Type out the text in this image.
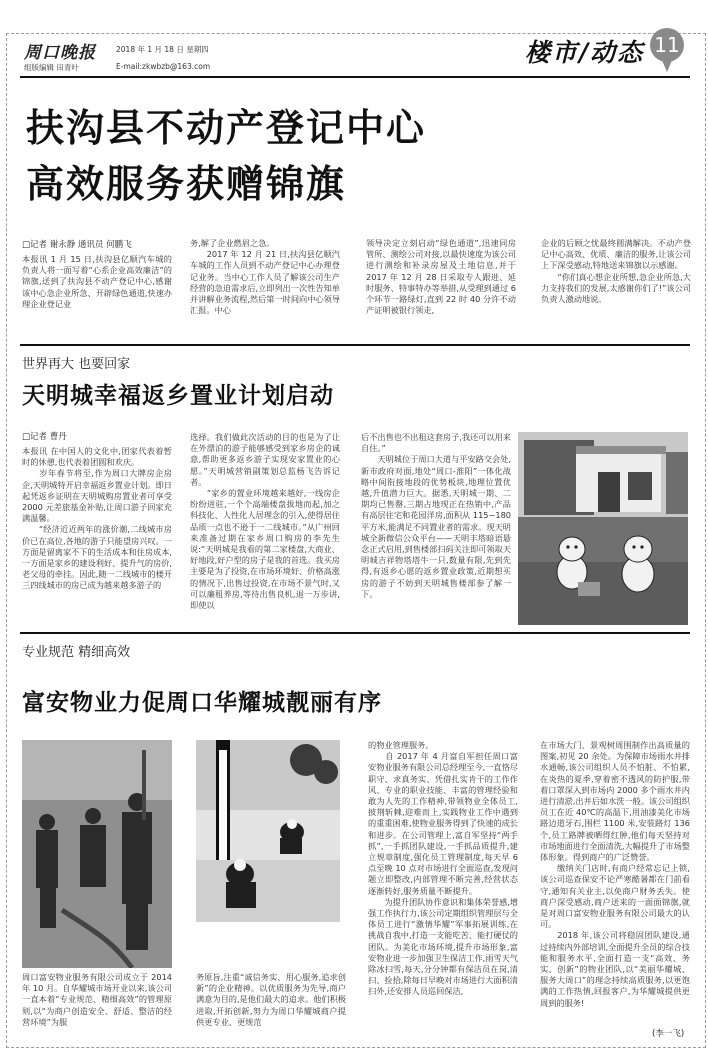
周口晚报	2018 年 1 月 18 日 星期四
组版编辑 田青叶	E-mail:zkwbzb@163.com	楼市/动态 11
扶沟县不动产登记中心
高效服务获赠锦旗
□记者 谢永静 通讯员 何鹏飞
本报讯 1 月 15 日,扶沟县亿顺汽车城的负责人将一面写着“心系企业高效廉洁”的锦旗,送到了扶沟县不动产登记中心,感谢该中心急企业所急、开辟绿色通道,快速办理企业登记业
务,解了企业燃眉之急。
　　2017 年 12 月 21 日,扶沟县亿顺汽车城的工作人员到不动产登记中心办理登记业务。当中心工作人员了解该公司生产经营的急迫需求后,立即列出一次性告知单并讲解业务流程,然后第一时间向中心领导汇报。中心
领导决定立刻启动“绿色通道”,迅速同房管所、测绘公司对接,以最快速度为该公司进行测绘和补录房屋及土地信息,并于 2017 年 12 月 28 日采取专人跟进、延时服务、特事特办等举措,从受理到通过 6 个环节一路绿灯,直到 22 时 40 分许不动产证明被银行领走,
企业的后顾之忧最终圆满解决。不动产登记中心高效、优质、廉洁的服务,让该公司上下深受感动,特地送来锦旗以示感谢。
　　“你们真心想企业所想,急企业所急,大力支持我们的发展,太感谢你们了!”该公司负责人激动地说。
世界再大 也要回家
天明城幸福返乡置业计划启动
□记者 曹丹
本报讯 在中国人的文化中,团家代表着暂时的休憩,也代表着团圆和欢庆。
　　岁年春节将至,作为周口大牌房企房企,天明城特开启幸福返乡置业计划。即日起凭返乡证明在天明城购房置业者可享受 2000 元差旅基金补贴,让周口游子回家充满温馨。
　　“经济近近两年的涨价潮,二线城市房价已在高位,各地的游子只能望房兴叹。一方面是留离家不下的生活成本和住房成本,一方面是家乡的建设利好、提升气的房价,老父母的牵挂。因此,随一二线城市的楼开三四线城市的房已成为越来越多游子的
选择。我们做此次活动的目的也是为了让在外漂泊的游子能够感受到家乡房企的诚意,帮助更多返乡游子实现安家置业的心愿。”天明城营销副策划总监杨飞告诉记者。
　　“家乡的置业环境越来越好,一线房企纷纷进驻,一个个高端楼盘拔地而起,加之科技化、人性化人居理念的引入,使得居住品质一点也不逊于一二线城市。”从广州回来准备过期在家乡周口购房的李先生说:“天明城是我看的第二家楼盘,大商业、好地段,好户型的房子是我的首选。我买房主要是为了投资,在市场环境好、价格高涨的情况下,出售过投资,在市场不景气时,又可以廉租养房,等待出售良机,退一万步讲,即使以
后不出售也不出租这套房子,我还可以用来自住。”
　　天明城位于周口大道与平安路交会处,新市政府对面,地处“周口-淮阳”一体化战略中间衔接地段的优势板块,地理位置优越,升值潜力巨大。据悉,天明城一期、二期均已售罄,三期占地现正在热销中,产品有高层住宅和花园洋房,面积从 115~180 平方米,能满足不同置业者的需求。现天明城全新微信公众平台——天明丰塔暗语悬念正式启用,到售楼部扫码关注即可领取天明城吉祥物塔塔牛一只,数量有限,先到先得,有返乡心愿的返乡置业政策,近期想买房的游子不妨到天明城售楼部参了解一下。
专业规范 精细高效
富安物业力促周口华耀城靓丽有序
周口富安物业服务有限公司成立于 2014 年 10 月。自华耀城市场开业以来,该公司一直本着“专业规范、精细高效”的管理原则,以“为商户创造安全、舒适、整洁的经营环境”为服
务原旨,注重“诚信务实、用心服务,追求创新”的企业精神。以优质服务为先导,商户满意为目的,是他们最大的追求。他们积极进取,开拓创新,努力为周口华耀城商户提供更专业、更规范
的物业管理服务。
　　自 2017 年 4 月富自军担任周口富安物业服务有限公司总经理至今,一直恪尽职守、求真务实、凭借扎实肯干的工作作风、专业的职业技能、丰富的管理经验和敢为人先的工作精神,带领物业全体员工,披荆斩棘,迎难而上,实践物业工作中遇到的重重困难,使物业服务得到了快速的成长和进步。在公司管理上,富自军坚持“两手抓”,一手抓团队建设,一手抓品质提升,建立规章制度,强化员工管理制度,每天早 6 点至晚 10 点对市场进行全面巡查,发现问题立即整改,内部管理不断完善,经营状态逐渐转好,服务质量不断提升。
　　为提升团队协作意识和集体荣誉感,增强工作执行力,该公司定期组织管理层与全体员工进行“激情华耀”军事拓展训练,在挑战自我中,打造一支能吃苦、能打硬仗的团队。为美化市场环境,提升市场形象,富安物业进一步加强卫生保洁工作,雨雪天气除冰扫雪,每天,分分钟都有保洁员在岗,清扫、捡拾,除每日早晚对市场进行大面积清扫外,还安排人员巡回保洁,
在市场大门、景观树周围制作出高质量的图案,初见 20 余处。为保障市场雨水井排水通畅,该公司组织人员不怕脏、不怕累,在炎热的夏季,穿着密不透风的防护服,带着口罩深入到市场内 2000 多个雨水井内进行清淤,出井后如水洗一般。该公司组织员工在近 40℃的高温下,用油漆美化市场路边道牙石,围栏 1100 米,安装路灯 136 个,员工路牌被晒得红肿,他们每天坚持对市场地面进行全面清洗,大幅提升了市场整体形象。得到商户的广泛赞誉。
　　缴纳关门店时,有商户经常忘记上锁,该公司巡查保安不论严寒酷暑都在门前看守,通知有关业主,以免商户财务丢失。使商户深受感动,商户送来的一面面锦旗,就是对周口富安物业服务有限公司最大的认可。
　　2018 年,该公司将稳固团队建设,通过持续内外部培训,全面提升全员的综合技能和服务水平,全面打造一支“高效、务实、创新”的物业团队,以“美丽华耀城、服务大周口”的理念持续高质服务,以更饱满的工作热情,回报客户,为华耀城提供更周到的服务!
(李一飞)
